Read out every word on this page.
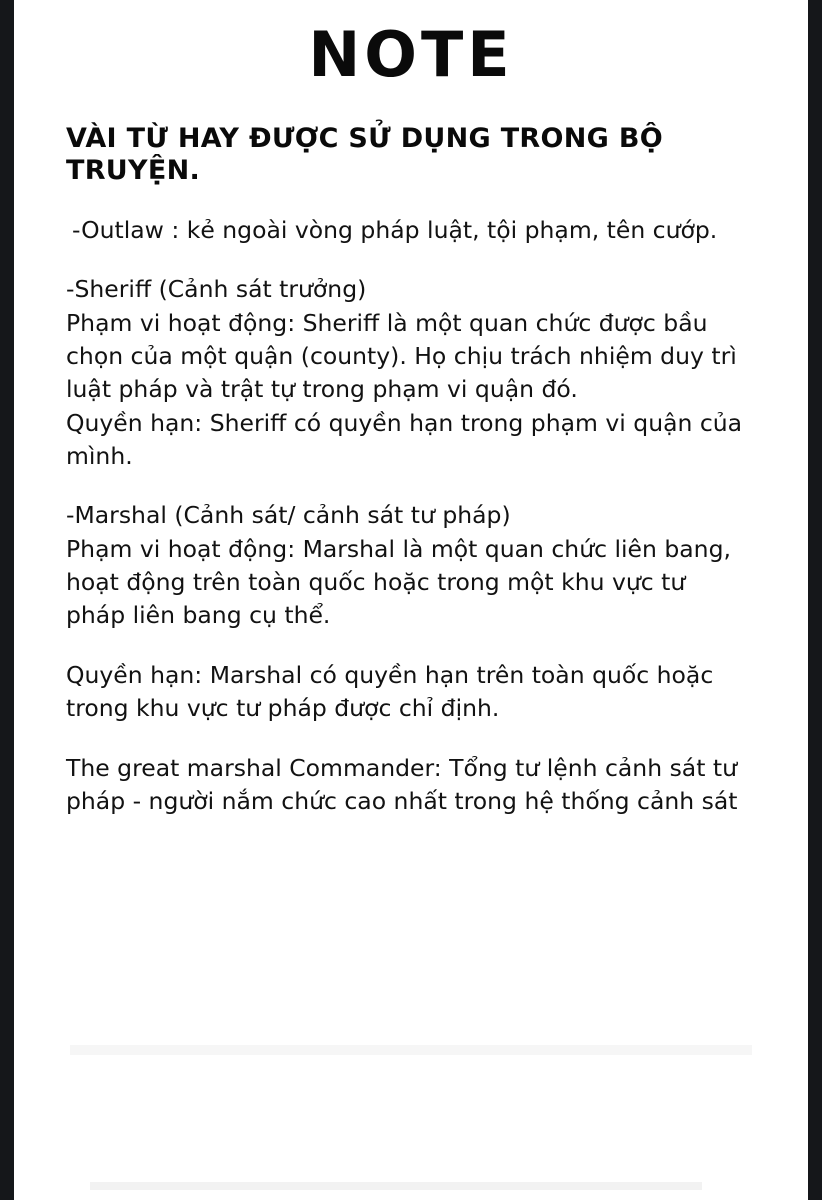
NOTE
VÀI TỪ HAY ĐƯỢC SỬ DỤNG TRONG BỘ TRUYỆN.

-Outlaw : kẻ ngoài vòng pháp luật, tội phạm, tên cướp.

-Sheriff (Cảnh sát trưởng)

Phạm vi hoạt động: Sheriff là một quan chức được bầu

chọn của một quận (county). Họ chịu trách nhiệm duy trì

luật pháp và trật tự trong phạm vi quận đó.

Quyền hạn: Sheriff có quyền hạn trong phạm vi quận của

mình.

-Marshal (Cảnh sát/ cảnh sát tư pháp)

Phạm vi hoạt động: Marshal là một quan chức liên bang,

hoạt động trên toàn quốc hoặc trong một khu vực tư

pháp liên bang cụ thể.

Quyền hạn: Marshal có quyền hạn trên toàn quốc hoặc

trong khu vực tư pháp được chỉ định.

The great marshal Commander: Tổng tư lệnh cảnh sát tư

pháp - người nắm chức cao nhất trong hệ thống cảnh sát
